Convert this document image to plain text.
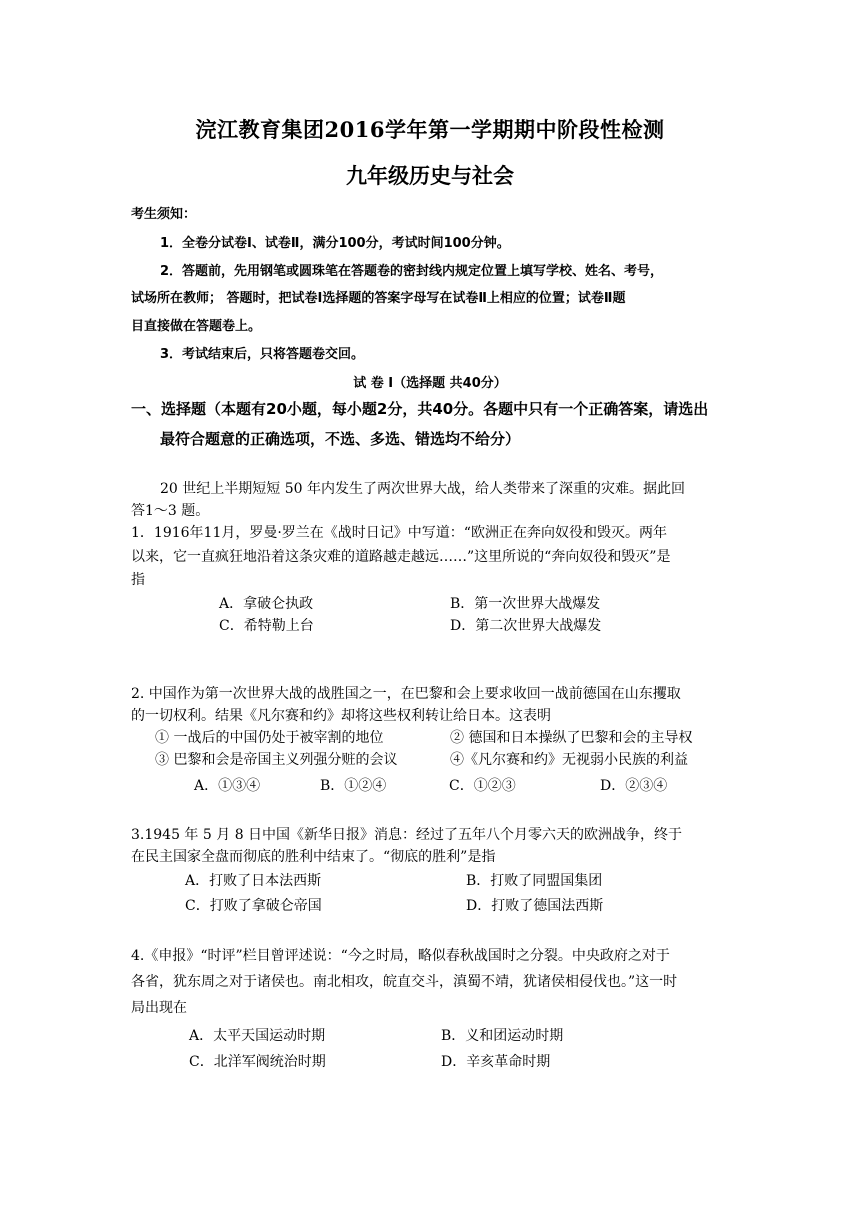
浣江教育集团2016学年第一学期期中阶段性检测
九年级历史与社会
考生须知：
1．全卷分试卷Ⅰ、试卷Ⅱ，满分100分，考试时间100分钟。
2．答题前，先用钢笔或圆珠笔在答题卷的密封线内规定位置上填写学校、姓名、考号，
试场所在教师； 答题时，把试卷Ⅰ选择题的答案字母写在试卷Ⅱ上相应的位置；试卷Ⅱ题
目直接做在答题卷上。
3．考试结束后，只将答题卷交回。
试 卷 Ⅰ（选择题 共40分）
一、选择题（本题有20小题，每小题2分，共40分。各题中只有一个正确答案，请选出
最符合题意的正确选项，不选、多选、错选均不给分）
20 世纪上半期短短 50 年内发生了两次世界大战，给人类带来了深重的灾难。据此回
答1～3 题。
1．1916年11月，罗曼·罗兰在《战时日记》中写道：“欧洲正在奔向奴役和毁灭。两年
以来，它一直疯狂地沿着这条灾难的道路越走越远……”这里所说的“奔向奴役和毁灭”是
指
A．拿破仑执政	B．第一次世界大战爆发
C．希特勒上台	D．第二次世界大战爆发
2. 中国作为第一次世界大战的战胜国之一，在巴黎和会上要求收回一战前德国在山东攫取
的一切权利。结果《凡尔赛和约》却将这些权利转让给日本。这表明
① 一战后的中国仍处于被宰割的地位	② 德国和日本操纵了巴黎和会的主导权
③ 巴黎和会是帝国主义列强分赃的会议	④《凡尔赛和约》无视弱小民族的利益
A．①③④	B．①②④	C．①②③	D．②③④
3.1945 年 5 月 8 日中国《新华日报》消息：经过了五年八个月零六天的欧洲战争，终于
在民主国家全盘而彻底的胜利中结束了。“彻底的胜利”是指
A．打败了日本法西斯	B．打败了同盟国集团
C．打败了拿破仑帝国	D．打败了德国法西斯
4.《申报》“时评”栏目曾评述说：“今之时局，略似春秋战国时之分裂。中央政府之对于
各省，犹东周之对于诸侯也。南北相攻，皖直交斗，滇蜀不靖，犹诸侯相侵伐也。”这一时
局出现在
A．太平天国运动时期	B．义和团运动时期
C．北洋军阀统治时期	D．辛亥革命时期
